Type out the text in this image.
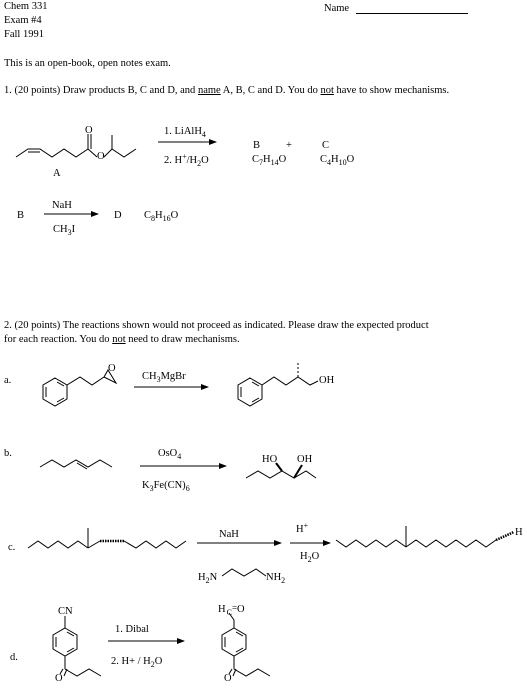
Chem 331
Exam #4
Fall 1991
Name
This is an open-book, open notes exam.
1. (20 points) Draw products B, C and D, and name A, B, C and D. You do not have to show mechanisms.
2. (20 points) The reactions shown would not proceed as indicated. Please draw the expected product
for each reaction. You do not need to draw mechanisms.
O
O
A
1. LiAlH$_4$
2. $H^+/H_2O$
B +	C
$C_7H_{14}O$	$C_4H_{10}O$
B
NaH
$CH_3I$
D $C_8H_{16}O$
a.
O
$CH_3MgBr$	OH
b.	OsO$_4$
$K_3Fe(CN)_6$
HO OH
c.
NaH	H+
$H_2O$
$H_2N$	$NH_2$
H
d.
CN
1. Dibal
2. $H+ / H_2O$
$H_C=O$
O	O
